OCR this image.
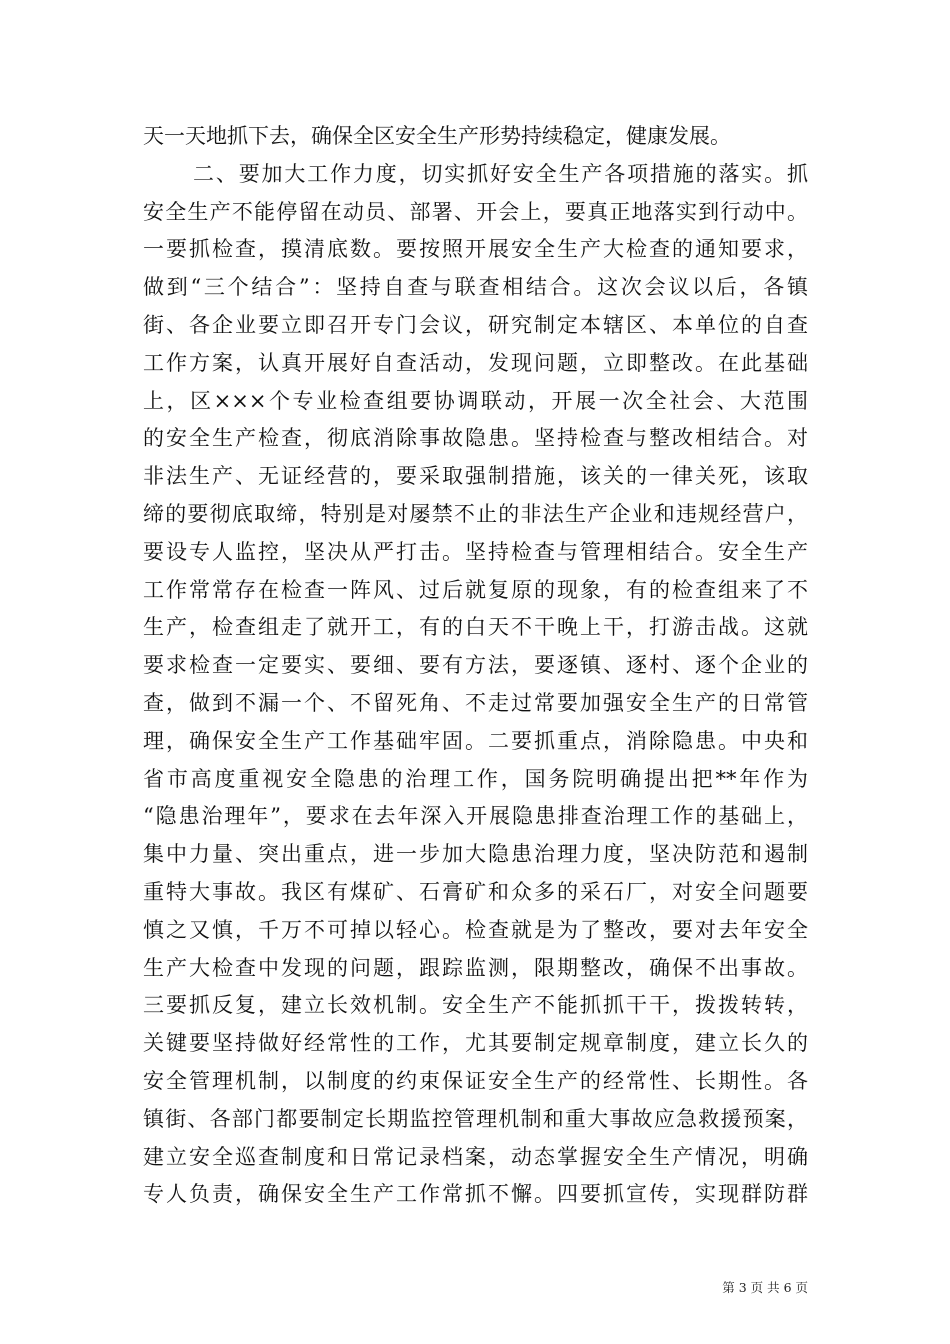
天一天地抓下去，确保全区安全生产形势持续稳定，健康发展。
二、要加大工作力度，切实抓好安全生产各项措施的落实。抓
安全生产不能停留在动员、部署、开会上，要真正地落实到行动中。
一要抓检查，摸清底数。要按照开展安全生产大检查的通知要求，
做到“三个结合”：坚持自查与联查相结合。这次会议以后，各镇
街、各企业要立即召开专门会议，研究制定本辖区、本单位的自查
工作方案，认真开展好自查活动，发现问题，立即整改。在此基础
上，区×××个专业检查组要协调联动，开展一次全社会、大范围
的安全生产检查，彻底消除事故隐患。坚持检查与整改相结合。对
非法生产、无证经营的，要采取强制措施，该关的一律关死，该取
缔的要彻底取缔，特别是对屡禁不止的非法生产企业和违规经营户，
要设专人监控，坚决从严打击。坚持检查与管理相结合。安全生产
工作常常存在检查一阵风、过后就复原的现象，有的检查组来了不
生产，检查组走了就开工，有的白天不干晚上干，打游击战。这就
要求检查一定要实、要细、要有方法，要逐镇、逐村、逐个企业的
查，做到不漏一个、不留死角、不走过常要加强安全生产的日常管
理，确保安全生产工作基础牢固。二要抓重点，消除隐患。中央和
省市高度重视安全隐患的治理工作，国务院明确提出把**年作为
“隐患治理年”，要求在去年深入开展隐患排查治理工作的基础上，
集中力量、突出重点，进一步加大隐患治理力度，坚决防范和遏制
重特大事故。我区有煤矿、石膏矿和众多的采石厂，对安全问题要
慎之又慎，千万不可掉以轻心。检查就是为了整改，要对去年安全
生产大检查中发现的问题，跟踪监测，限期整改，确保不出事故。
三要抓反复，建立长效机制。安全生产不能抓抓干干，拨拨转转，
关键要坚持做好经常性的工作，尤其要制定规章制度，建立长久的
安全管理机制，以制度的约束保证安全生产的经常性、长期性。各
镇街、各部门都要制定长期监控管理机制和重大事故应急救援预案，
建立安全巡查制度和日常记录档案，动态掌握安全生产情况，明确
专人负责，确保安全生产工作常抓不懈。四要抓宣传，实现群防群
第 3 页 共 6 页
